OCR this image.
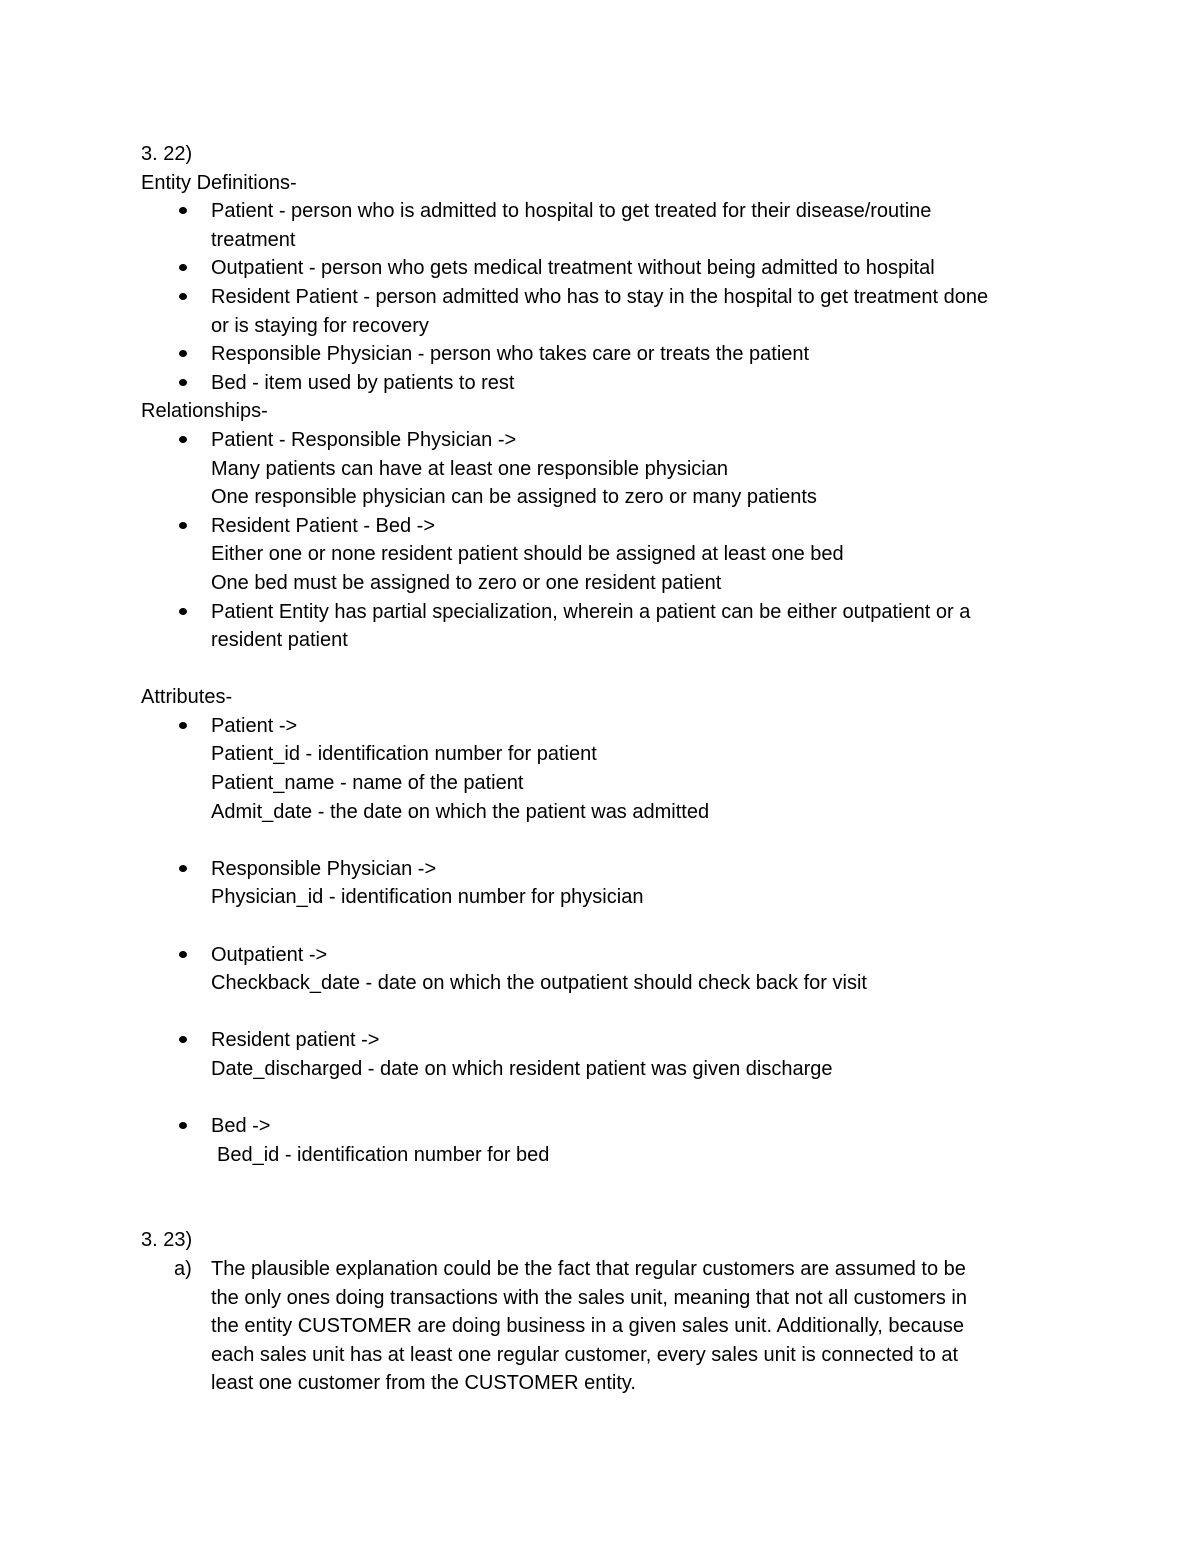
3. 22)

Entity Definitions-

Patient - person who is admitted to hospital to get treated for their disease/routine

treatment

Outpatient - person who gets medical treatment without being admitted to hospital

Resident Patient - person admitted who has to stay in the hospital to get treatment done

or is staying for recovery

Responsible Physician - person who takes care or treats the patient

Bed - item used by patients to rest

Relationships-

Patient - Responsible Physician ->

Many patients can have at least one responsible physician

One responsible physician can be assigned to zero or many patients

Resident Patient - Bed ->

Either one or none resident patient should be assigned at least one bed

One bed must be assigned to zero or one resident patient

Patient Entity has partial specialization, wherein a patient can be either outpatient or a

resident patient

Attributes-

Patient ->

Patient_id - identification number for patient

Patient_name - name of the patient

Admit_date - the date on which the patient was admitted

Responsible Physician ->

Physician_id - identification number for physician

Outpatient ->

Checkback_date - date on which the outpatient should check back for visit

Resident patient ->

Date_discharged - date on which resident patient was given discharge

Bed ->

Bed_id - identification number for bed

3. 23)

a) The plausible explanation could be the fact that regular customers are assumed to be

the only ones doing transactions with the sales unit, meaning that not all customers in

the entity CUSTOMER are doing business in a given sales unit. Additionally, because

each sales unit has at least one regular customer, every sales unit is connected to at

least one customer from the CUSTOMER entity.
